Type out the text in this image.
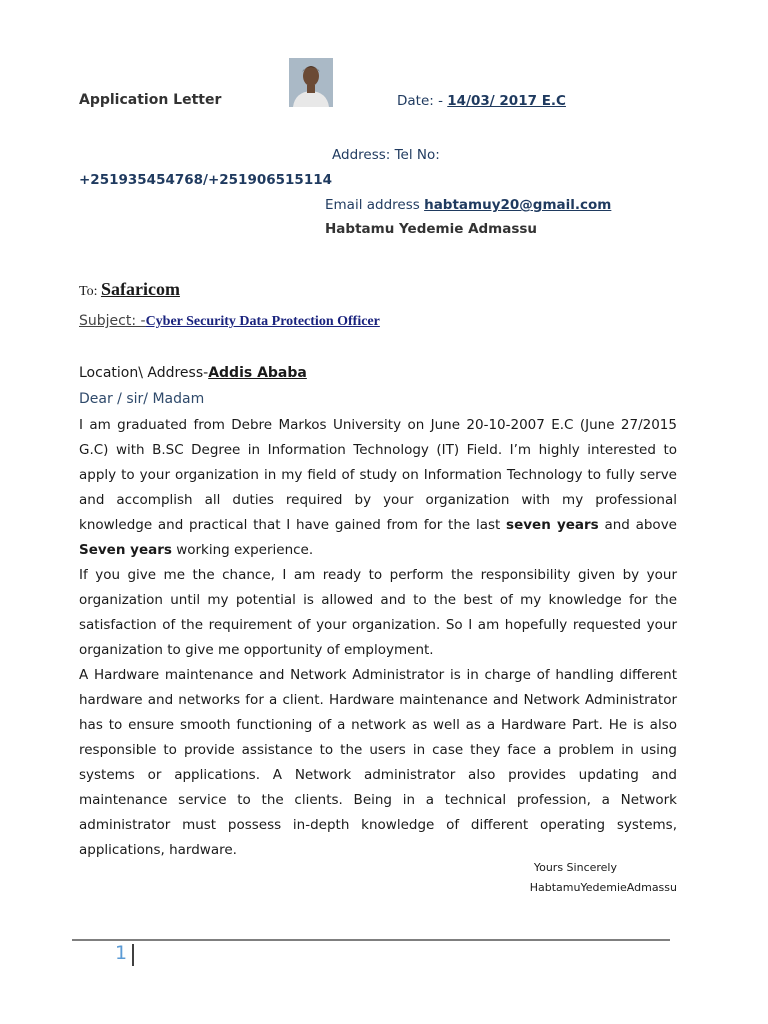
Application Letter	Date: - 14/03/ 2017 E.C
Address: Tel No:
+251935454768/+251906515114
Email address habtamuy20@gmail.com
Habtamu Yedemie Admassu
To: Safaricom
Subject: -Cyber Security Data Protection Officer
Location\ Address-Addis Ababa
Dear / sir/ Madam

I am graduated from Debre Markos University on June 20-10-2007 E.C (June 27/2015 G.C) with B.SC Degree in Information Technology (IT) Field. I’m highly interested to apply to your organization in my field of study on Information Technology to fully serve and accomplish all duties required by your organization with my professional knowledge and practical that I have gained from for the last seven years and above Seven years working experience.

If you give me the chance, I am ready to perform the responsibility given by your organization until my potential is allowed and to the best of my knowledge for the satisfaction of the requirement of your organization. So I am hopefully requested your organization to give me opportunity of employment.

A Hardware maintenance and Network Administrator is in charge of handling different hardware and networks for a client. Hardware maintenance and Network Administrator has to ensure smooth functioning of a network as well as a Hardware Part. He is also responsible to provide assistance to the users in case they face a problem in using systems or applications. A Network administrator also provides updating and maintenance service to the clients. Being in a technical profession, a Network administrator must possess in-depth knowledge of different operating systems, applications, hardware.

Yours Sincerely
HabtamuYedemieAdmassu
1
